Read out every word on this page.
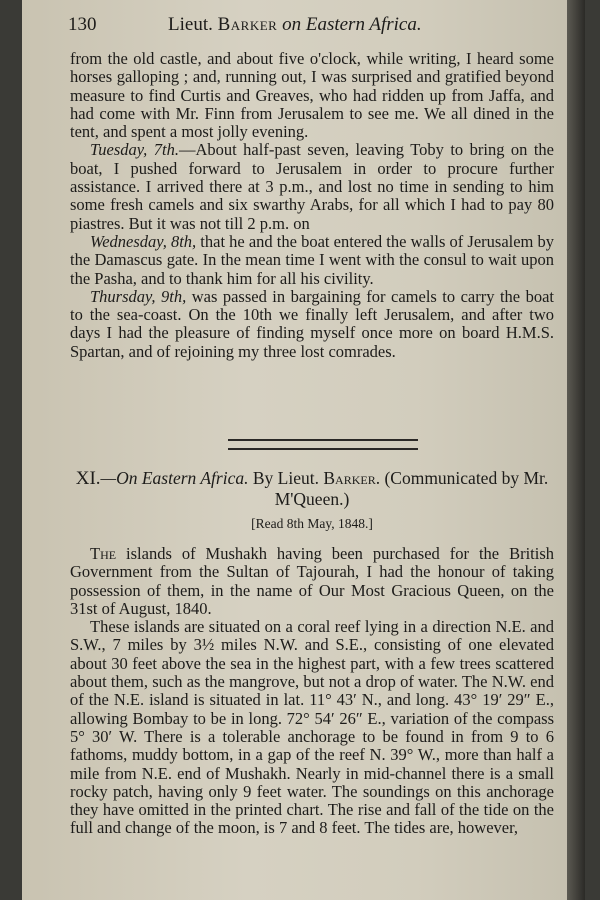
130	Lieut. Barker on Eastern Africa.

from the old castle, and about five o'clock, while writing, I heard some horses galloping ; and, running out, I was surprised and gratified beyond measure to find Curtis and Greaves, who had ridden up from Jaffa, and had come with Mr. Finn from Jerusalem to see me. We all dined in the tent, and spent a most jolly evening.

Tuesday, 7th.—About half-past seven, leaving Toby to bring on the boat, I pushed forward to Jerusalem in order to procure further assistance. I arrived there at 3 p.m., and lost no time in sending to him some fresh camels and six swarthy Arabs, for all which I had to pay 80 piastres. But it was not till 2 p.m. on

Wednesday, 8th, that he and the boat entered the walls of Jerusalem by the Damascus gate. In the mean time I went with the consul to wait upon the Pasha, and to thank him for all his civility.

Thursday, 9th, was passed in bargaining for camels to carry the boat to the sea-coast. On the 10th we finally left Jerusalem, and after two days I had the pleasure of finding myself once more on board H.M.S. Spartan, and of rejoining my three lost comrades.

XI.—On Eastern Africa. By Lieut. Barker. (Communicated by Mr. M'Queen.)
[Read 8th May, 1848.]

The islands of Mushakh having been purchased for the British Government from the Sultan of Tajourah, I had the honour of taking possession of them, in the name of Our Most Gracious Queen, on the 31st of August, 1840.

These islands are situated on a coral reef lying in a direction N.E. and S.W., 7 miles by 3½ miles N.W. and S.E., consisting of one elevated about 30 feet above the sea in the highest part, with a few trees scattered about them, such as the mangrove, but not a drop of water. The N.W. end of the N.E. island is situated in lat. 11° 43′ N., and long. 43° 19′ 29″ E., allowing Bombay to be in long. 72° 54′ 26″ E., variation of the compass 5° 30′ W. There is a tolerable anchorage to be found in from 9 to 6 fathoms, muddy bottom, in a gap of the reef N. 39° W., more than half a mile from N.E. end of Mushakh. Nearly in mid-channel there is a small rocky patch, having only 9 feet water. The soundings on this anchorage they have omitted in the printed chart. The rise and fall of the tide on the full and change of the moon, is 7 and 8 feet. The tides are, however,
